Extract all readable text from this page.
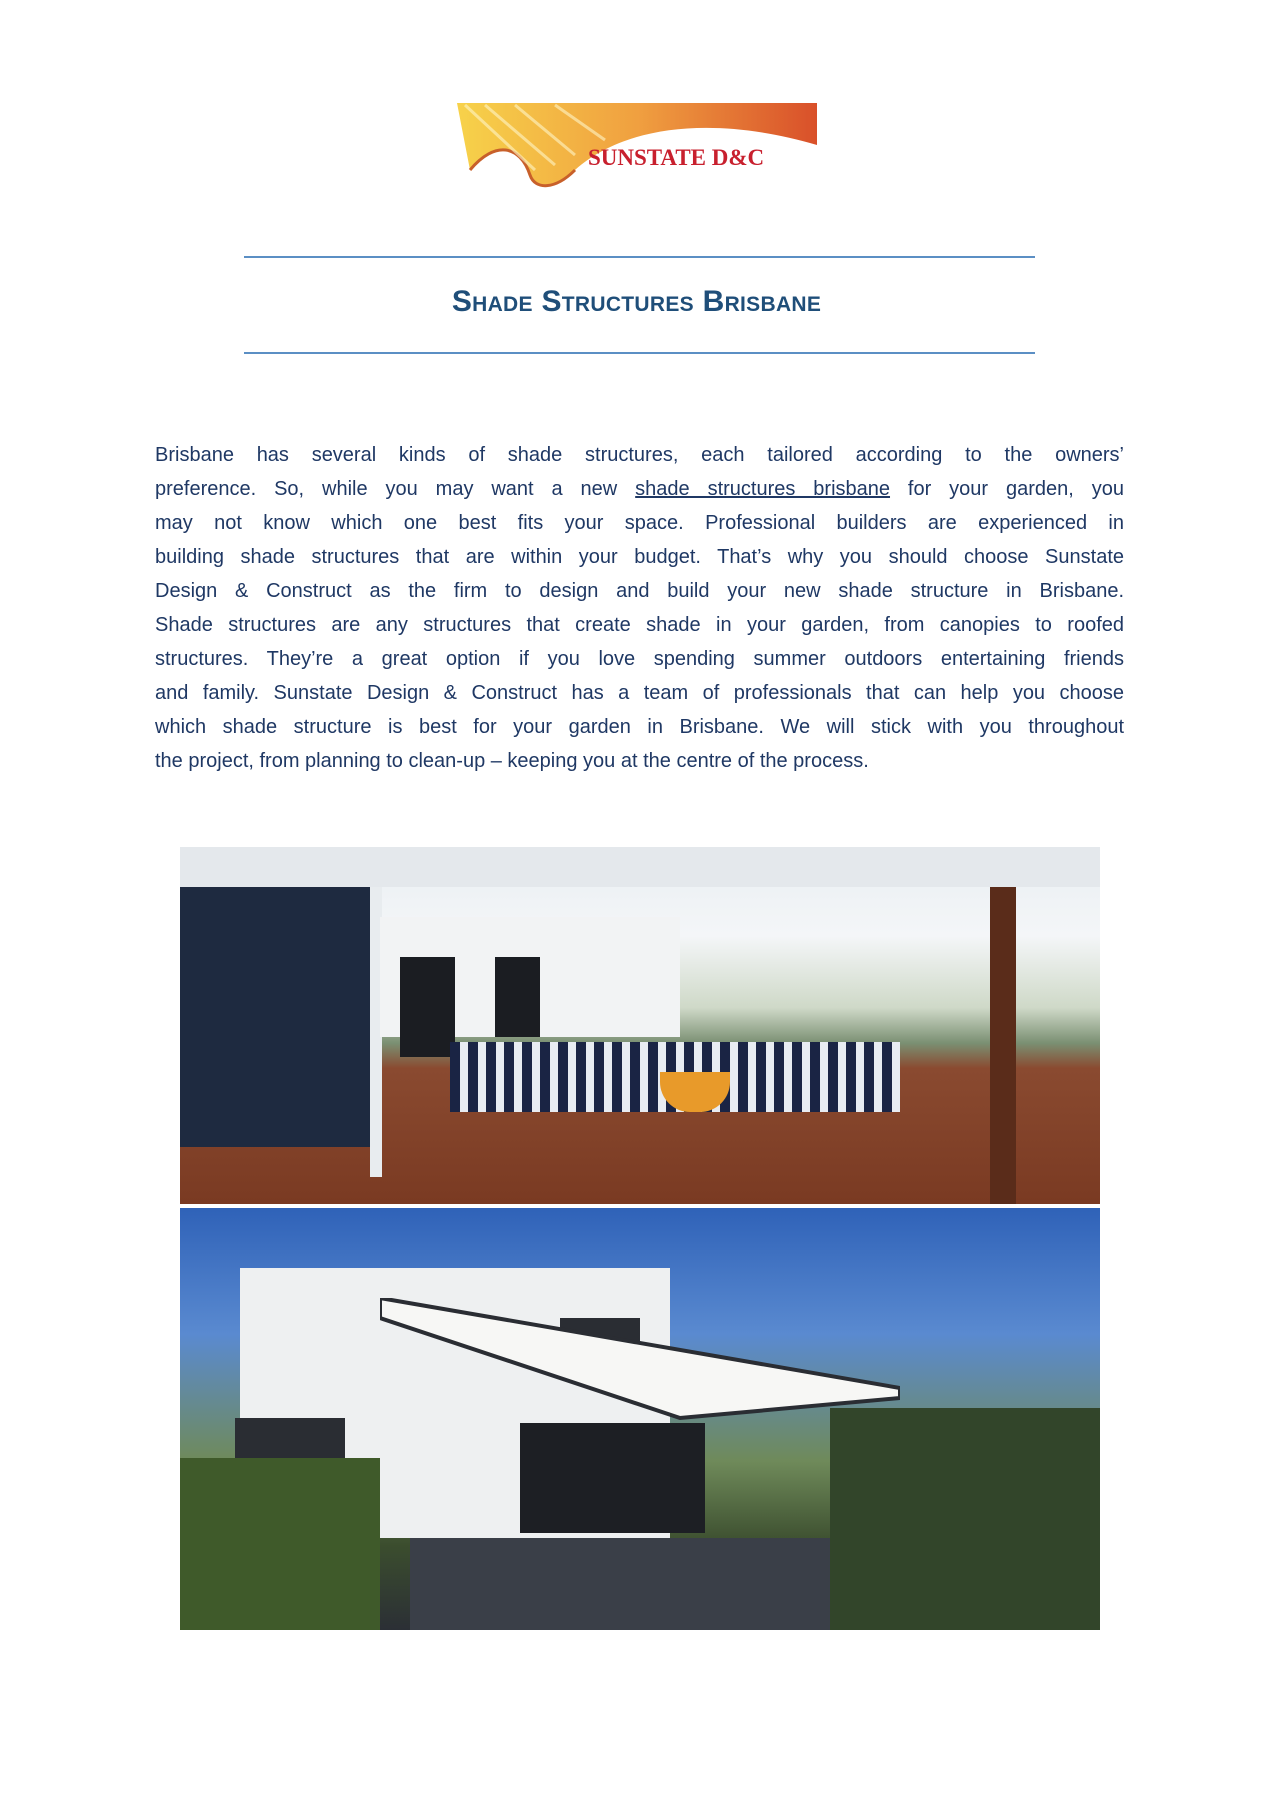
SUNSTATE D&C
Shade Structures Brisbane
Brisbane has several kinds of shade structures, each tailored according to the owners’
preference. So, while you may want a new shade structures brisbane for your garden, you
may not know which one best fits your space. Professional builders are experienced in
building shade structures that are within your budget. That’s why you should choose Sunstate
Design & Construct as the firm to design and build your new shade structure in Brisbane.
Shade structures are any structures that create shade in your garden, from canopies to roofed
structures. They’re a great option if you love spending summer outdoors entertaining friends
and family. Sunstate Design & Construct has a team of professionals that can help you choose
which shade structure is best for your garden in Brisbane. We will stick with you throughout
the project, from planning to clean-up – keeping you at the centre of the process.
